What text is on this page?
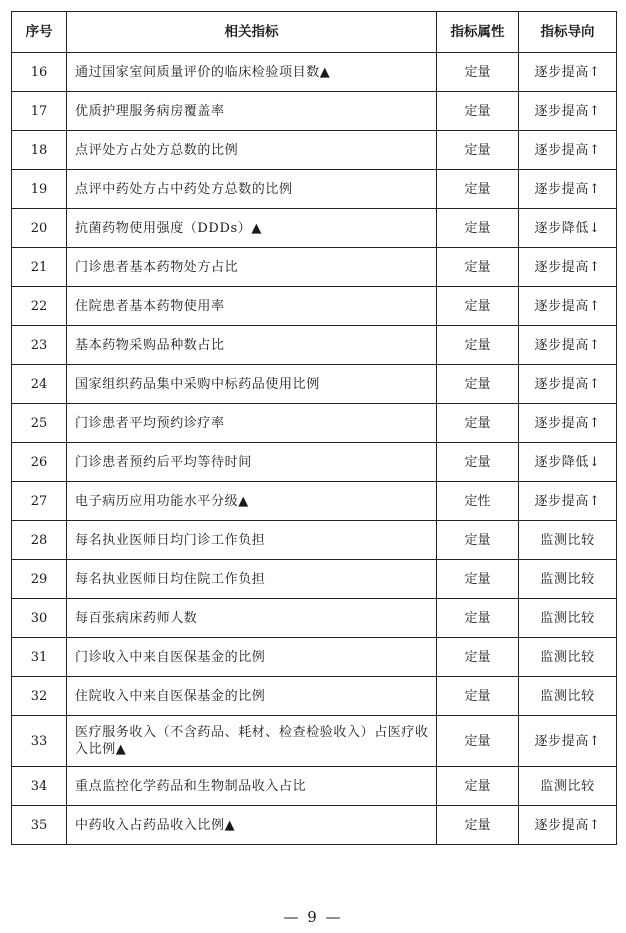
序号	相关指标	指标属性	指标导向
16	通过国家室间质量评价的临床检验项目数▲	定量	逐步提高↑
17	优质护理服务病房覆盖率	定量	逐步提高↑
18	点评处方占处方总数的比例	定量	逐步提高↑
19	点评中药处方占中药处方总数的比例	定量	逐步提高↑
20	抗菌药物使用强度（DDDs）▲	定量	逐步降低↓
21	门诊患者基本药物处方占比	定量	逐步提高↑
22	住院患者基本药物使用率	定量	逐步提高↑
23	基本药物采购品种数占比	定量	逐步提高↑
24	国家组织药品集中采购中标药品使用比例	定量	逐步提高↑
25	门诊患者平均预约诊疗率	定量	逐步提高↑
26	门诊患者预约后平均等待时间	定量	逐步降低↓
27	电子病历应用功能水平分级▲	定性	逐步提高↑
28	每名执业医师日均门诊工作负担	定量	监测比较
29	每名执业医师日均住院工作负担	定量	监测比较
30	每百张病床药师人数	定量	监测比较
31	门诊收入中来自医保基金的比例	定量	监测比较
32	住院收入中来自医保基金的比例	定量	监测比较
33	医疗服务收入（不含药品、耗材、检查检验收入）占医疗收入比例▲	定量	逐步提高↑
34	重点监控化学药品和生物制品收入占比	定量	监测比较
35	中药收入占药品收入比例▲	定量	逐步提高↑
— 9 —
